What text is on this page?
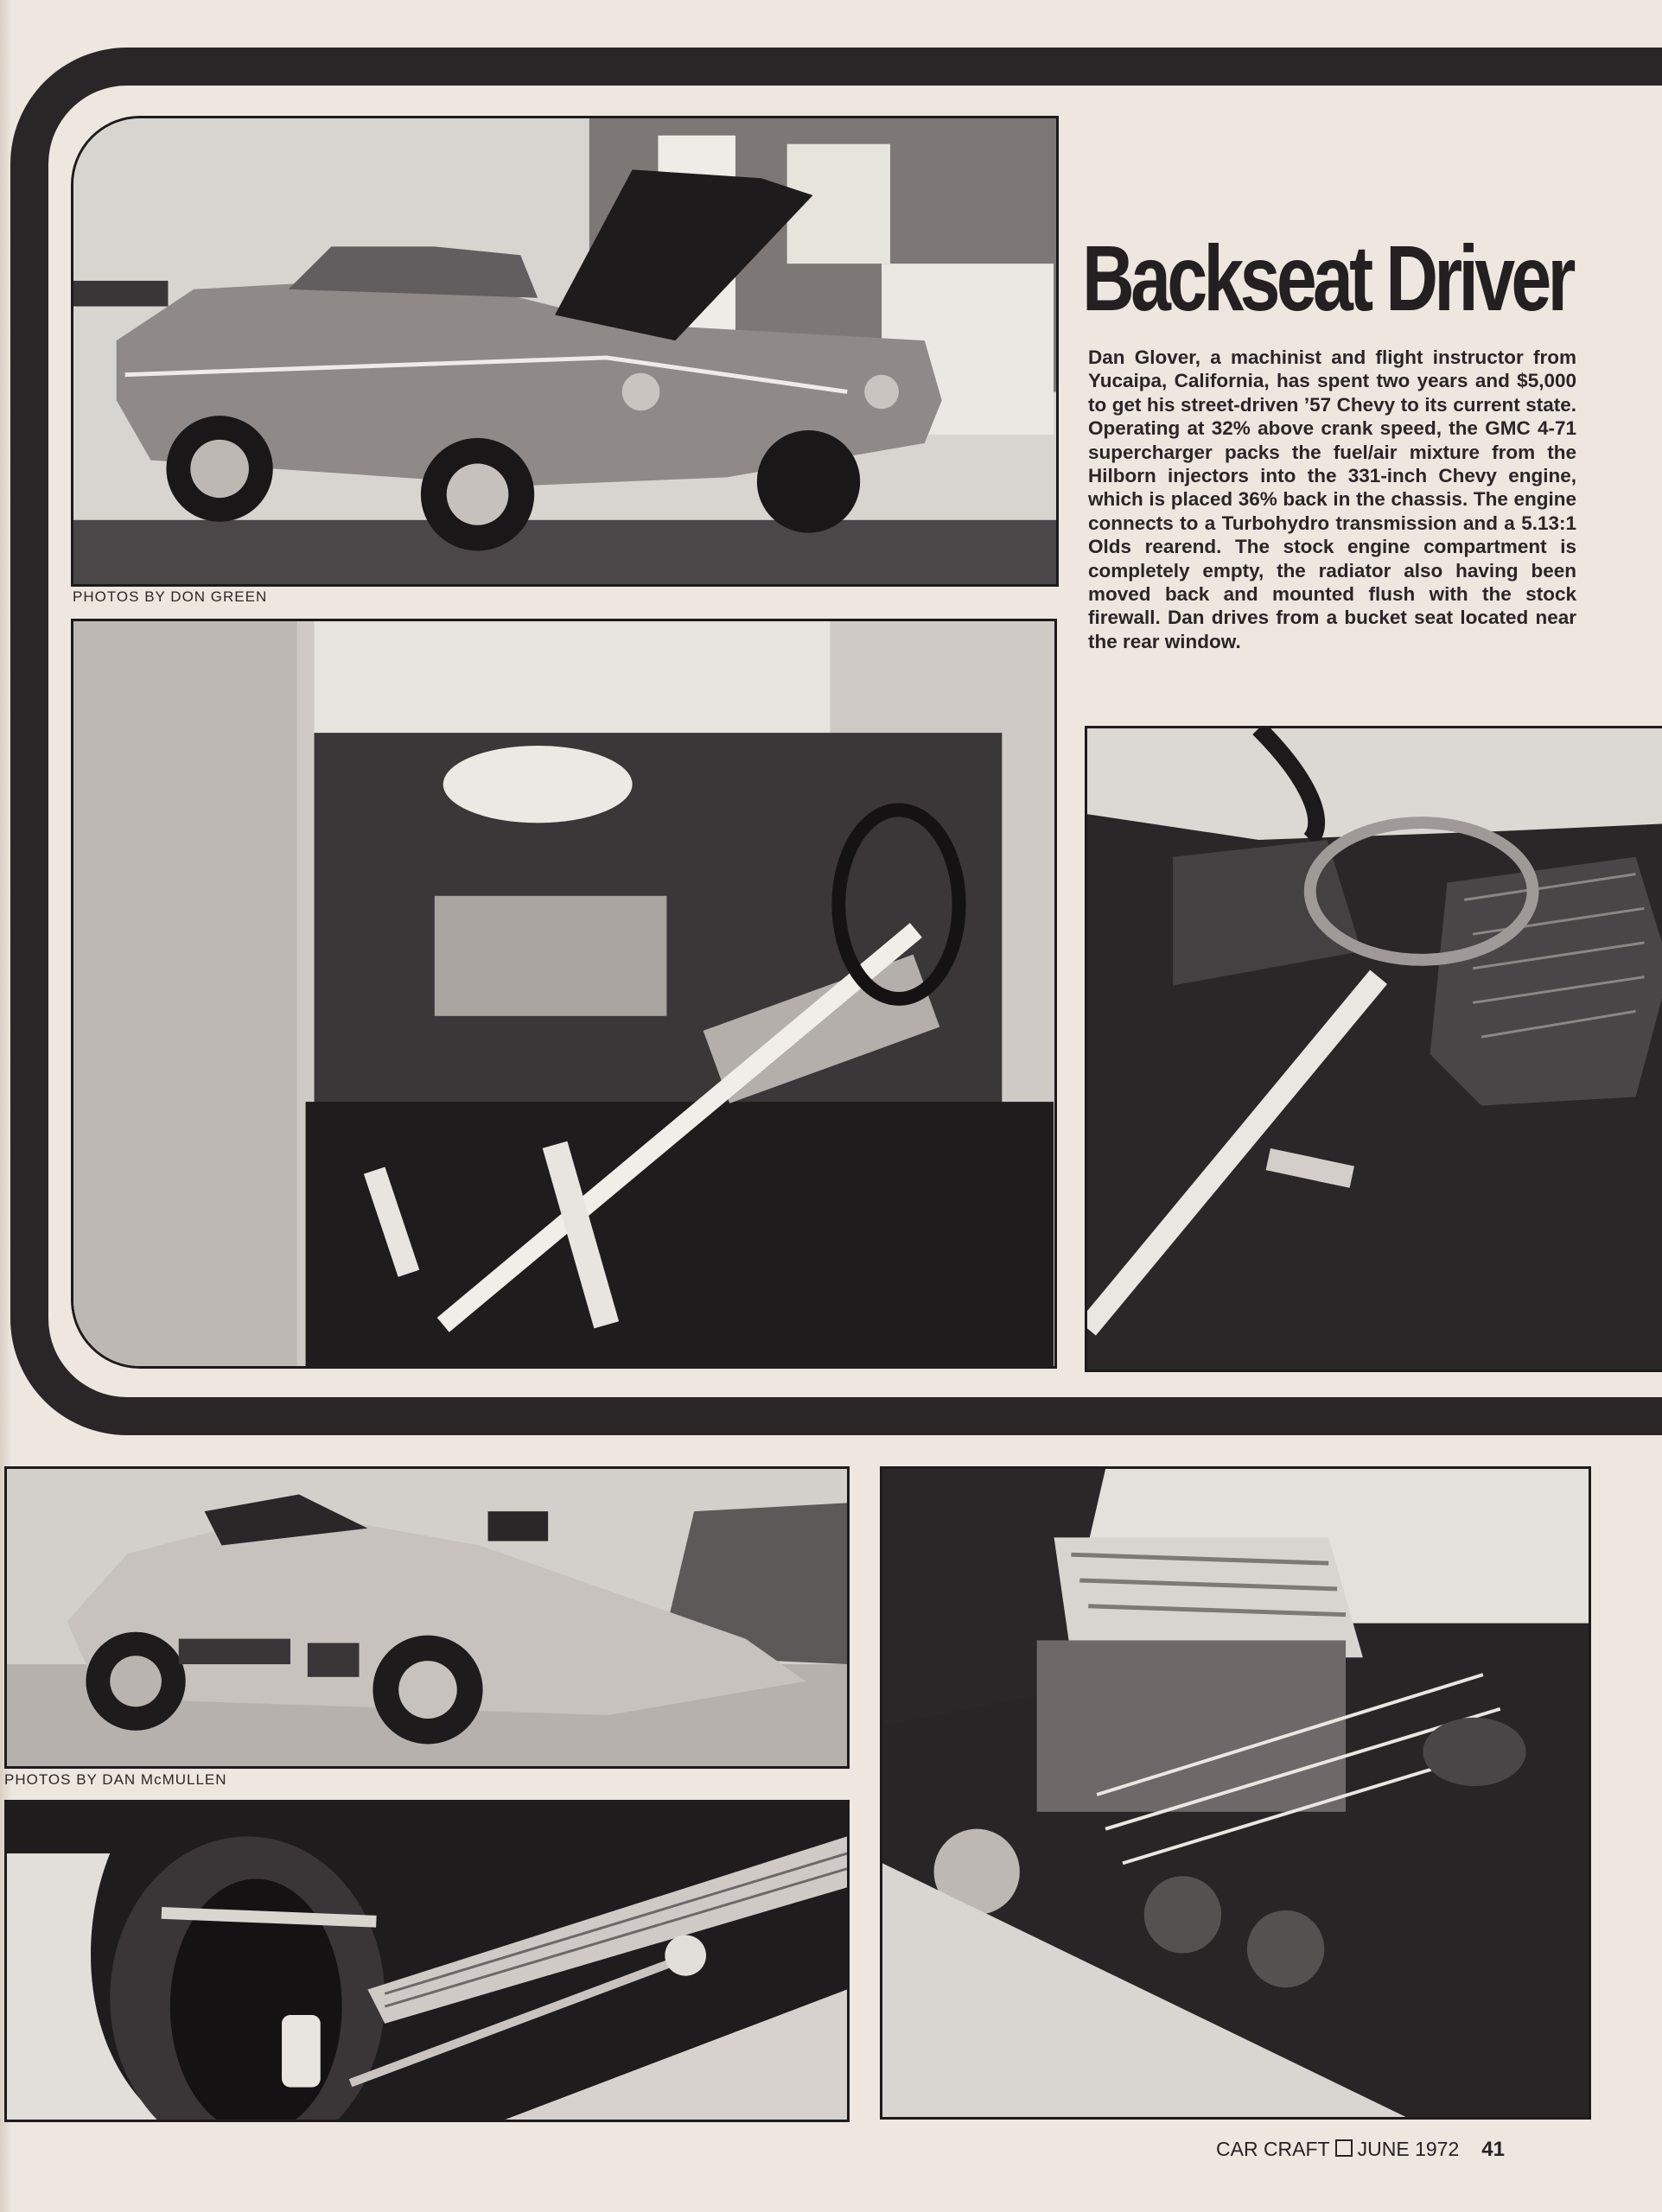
PHOTOS BY DON GREEN
Backseat Driver
Dan Glover, a machinist and flight instructor from Yucaipa, California, has spent two years and $5,000 to get his street-driven ’57 Chevy to its current state. Operating at 32% above crank speed, the GMC 4-71 supercharger packs the fuel/air mixture from the Hilborn injectors into the 331-inch Chevy engine, which is placed 36% back in the chassis. The engine connects to a Turbohydro transmission and a 5.13:1 Olds rearend. The stock engine compartment is completely empty, the radiator also having been moved back and mounted flush with the stock firewall. Dan drives from a bucket seat located near the rear window.
PHOTOS BY DAN McMULLEN
CAR CRAFT JUNE 1972 41
